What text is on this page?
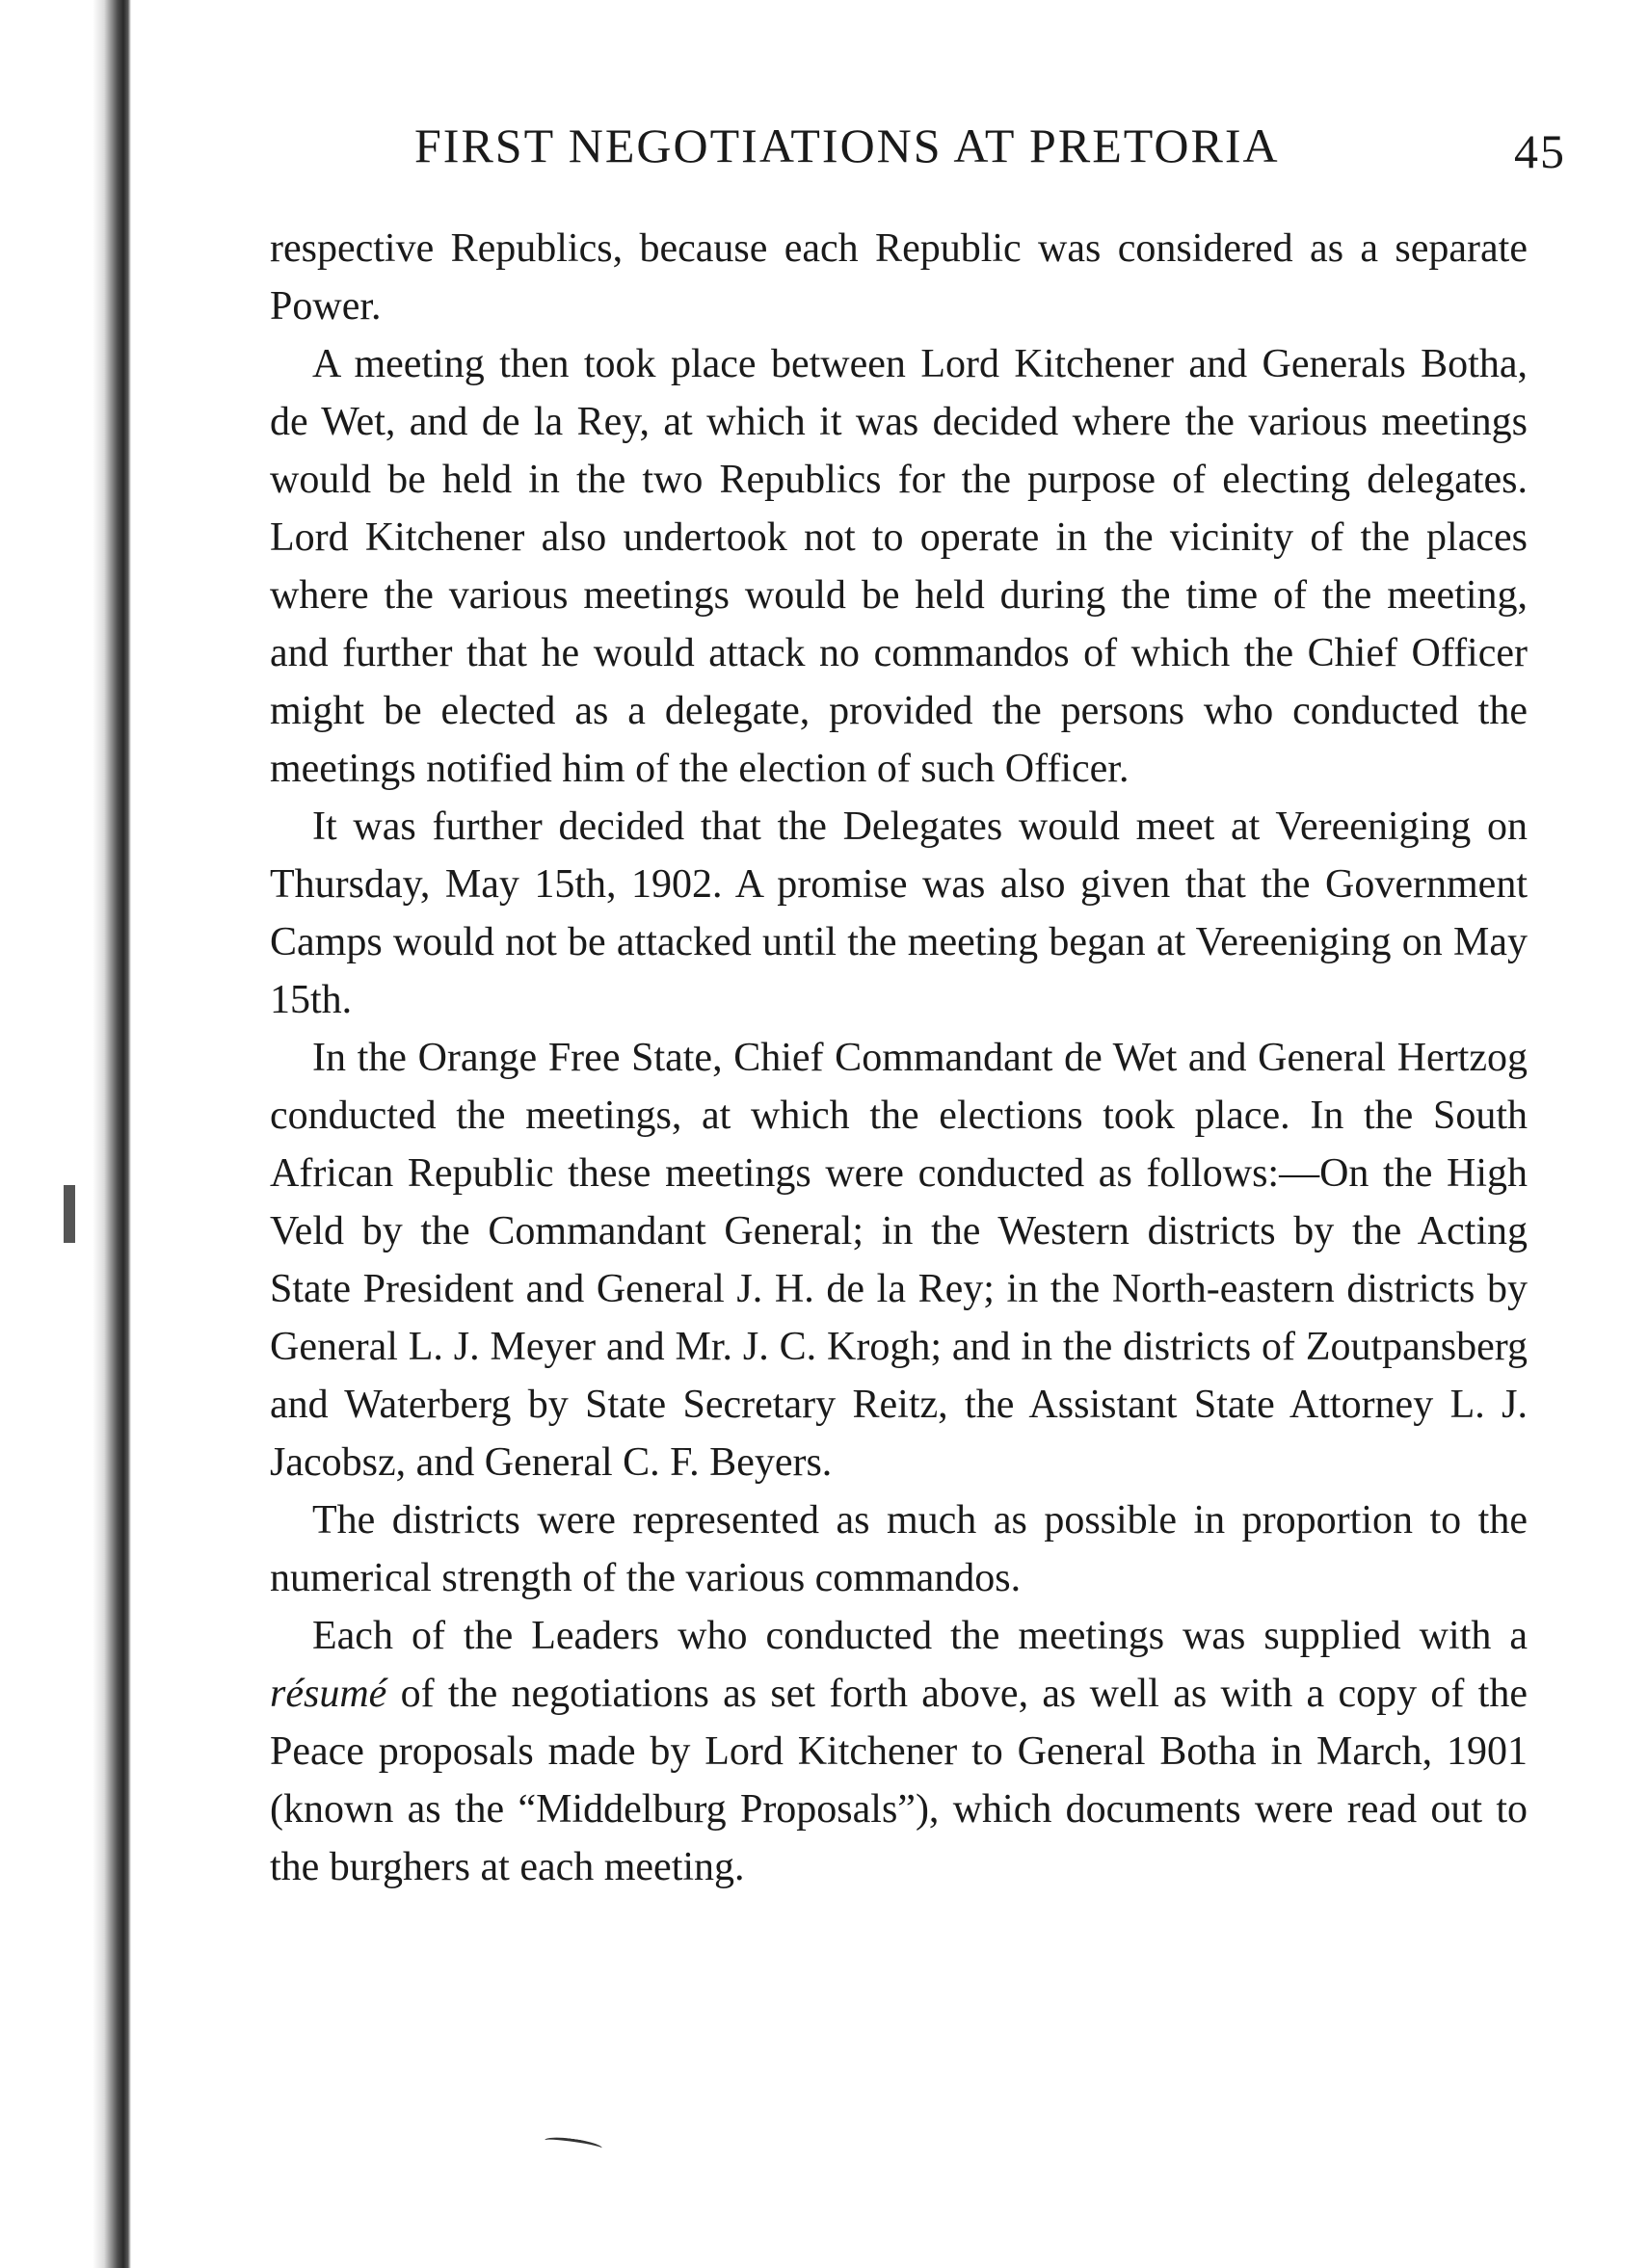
FIRST NEGOTIATIONS AT PRETORIA	45

respective Republics, because each Republic was considered as a separate Power.

A meeting then took place between Lord Kitchener and Generals Botha, de Wet, and de la Rey, at which it was decided where the various meetings would be held in the two Republics for the purpose of electing delegates. Lord Kitchener also undertook not to operate in the vicinity of the places where the various meetings would be held during the time of the meeting, and further that he would attack no commandos of which the Chief Officer might be elected as a delegate, provided the persons who conducted the meetings notified him of the election of such Officer.

It was further decided that the Delegates would meet at Vereeniging on Thursday, May 15th, 1902. A promise was also given that the Government Camps would not be attacked until the meeting began at Vereeniging on May 15th.

In the Orange Free State, Chief Commandant de Wet and General Hertzog conducted the meetings, at which the elections took place. In the South African Republic these meetings were conducted as follows:—On the High Veld by the Commandant General; in the Western districts by the Acting State President and General J. H. de la Rey; in the North-eastern districts by General L. J. Meyer and Mr. J. C. Krogh; and in the districts of Zoutpansberg and Waterberg by State Secretary Reitz, the Assistant State Attorney L. J. Jacobsz, and General C. F. Beyers.

The districts were represented as much as possible in proportion to the numerical strength of the various commandos.

Each of the Leaders who conducted the meetings was supplied with a résumé of the negotiations as set forth above, as well as with a copy of the Peace proposals made by Lord Kitchener to General Botha in March, 1901 (known as the “Middelburg Proposals”), which documents were read out to the burghers at each meeting.
